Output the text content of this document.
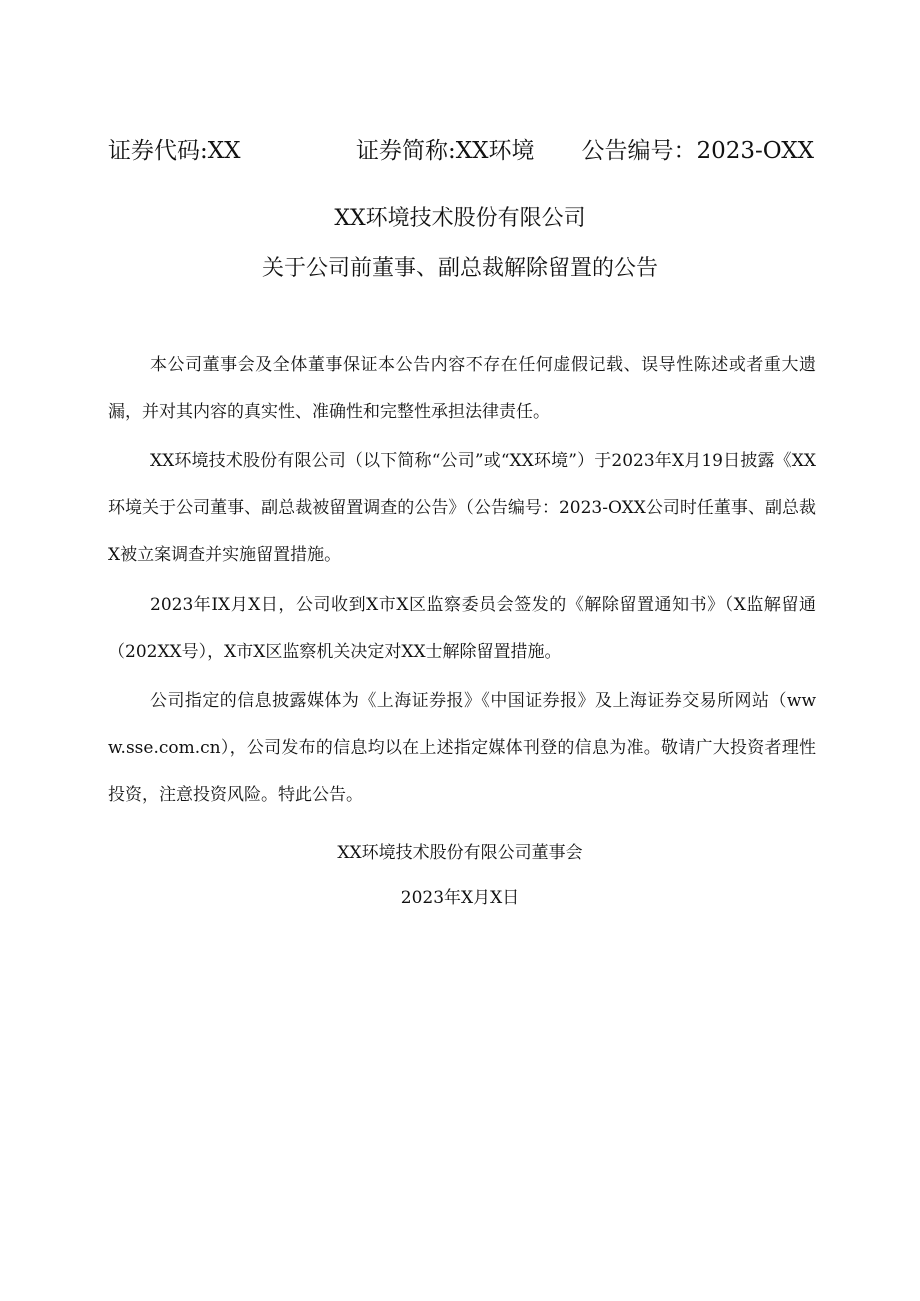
证券代码:XX	证券简称:XX环境 公告编号：2023-OXX
XX环境技术股份有限公司
关于公司前董事、副总裁解除留置的公告

本公司董事会及全体董事保证本公告内容不存在任何虚假记载、误导性陈述或者重大遗漏，并对其内容的真实性、准确性和完整性承担法律责任。

XX环境技术股份有限公司（以下简称“公司”或“XX环境”）于2023年X月19日披露《XX环境关于公司董事、副总裁被留置调查的公告》（公告编号：2023-OXX公司时任董事、副总裁X被立案调查并实施留置措施。

2023年IX月X日，公司收到X市X区监察委员会签发的《解除留置通知书》（X监解留通（202XX号），X市X区监察机关决定对XX士解除留置措施。

公司指定的信息披露媒体为《上海证券报》《中国证券报》及上海证券交易所网站（www.sse.com.cn），公司发布的信息均以在上述指定媒体刊登的信息为准。敬请广大投资者理性投资，注意投资风险。特此公告。

XX环境技术股份有限公司董事会
2023年X月X日
